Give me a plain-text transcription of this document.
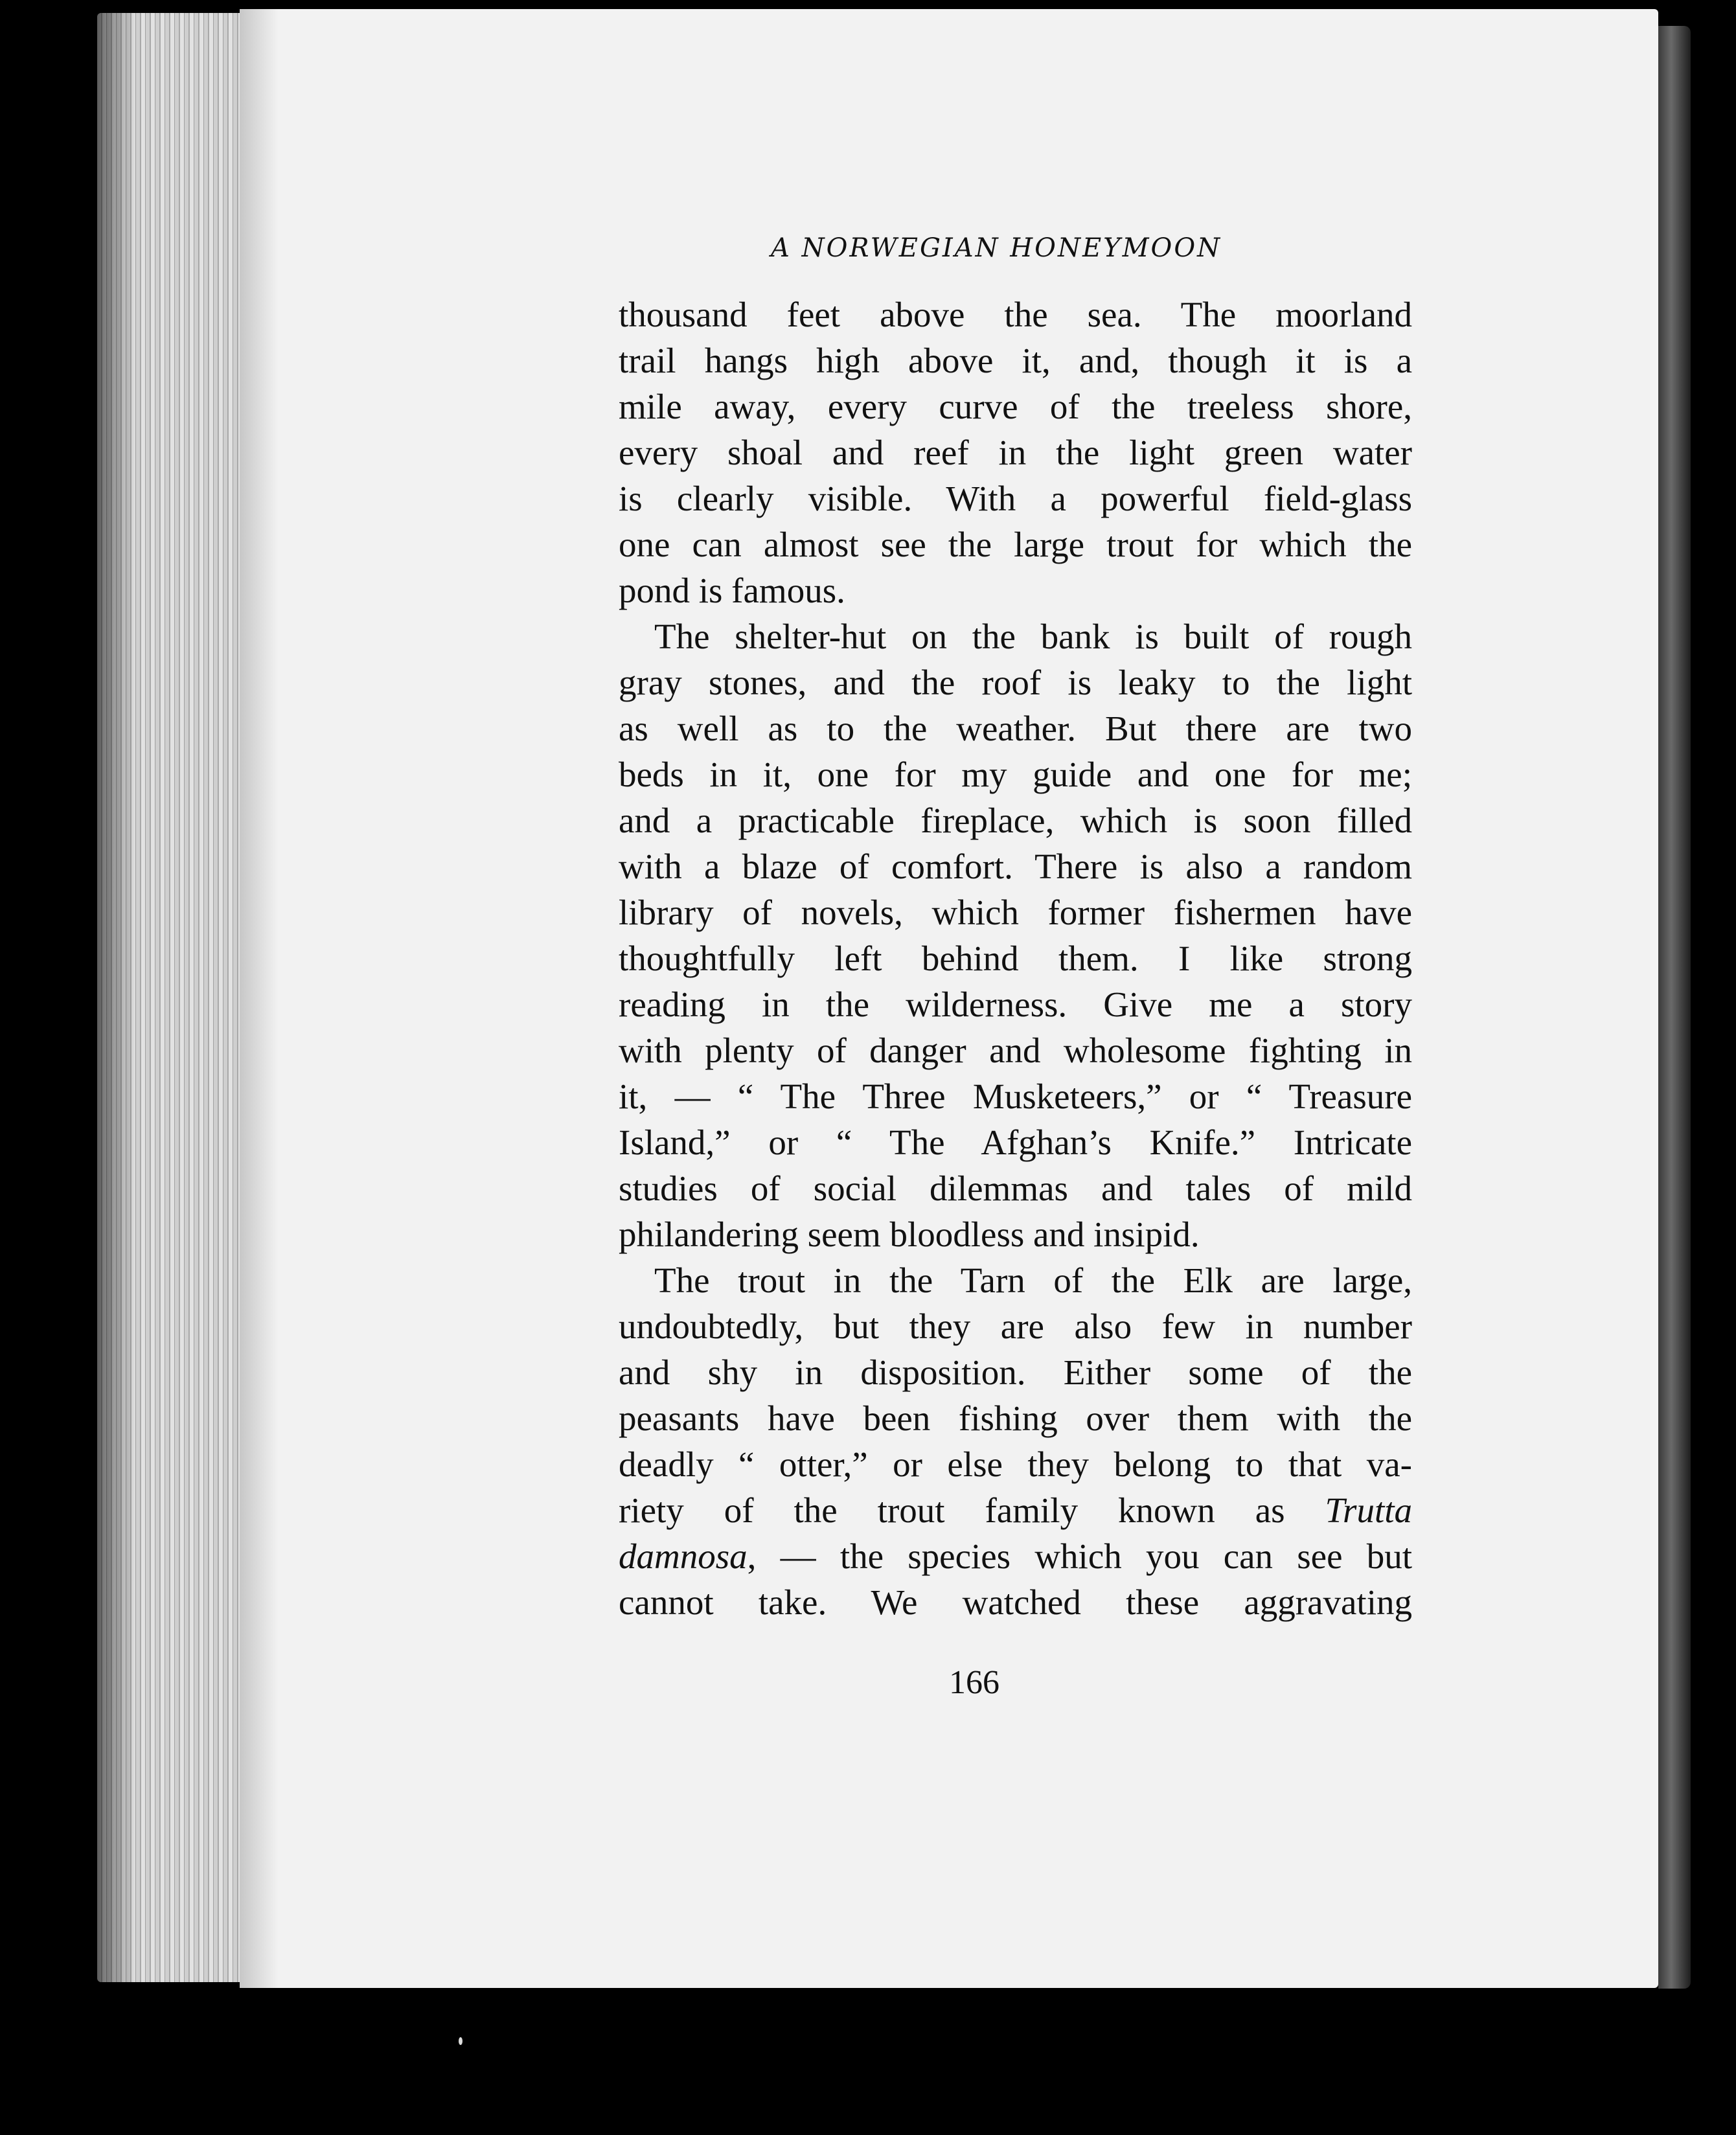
A NORWEGIAN HONEYMOON
thousand feet above the sea. The moorland
trail hangs high above it, and, though it is a
mile away, every curve of the treeless shore,
every shoal and reef in the light green water
is clearly visible. With a powerful field-glass
one can almost see the large trout for which the
pond is famous.
The shelter-hut on the bank is built of rough
gray stones, and the roof is leaky to the light
as well as to the weather. But there are two
beds in it, one for my guide and one for me;
and a practicable fireplace, which is soon filled
with a blaze of comfort. There is also a random
library of novels, which former fishermen have
thoughtfully left behind them. I like strong
reading in the wilderness. Give me a story
with plenty of danger and wholesome fighting in
it, — “ The Three Musketeers,” or “ Treasure
Island,” or “ The Afghan’s Knife.” Intricate
studies of social dilemmas and tales of mild
philandering seem bloodless and insipid.
The trout in the Tarn of the Elk are large,
undoubtedly, but they are also few in number
and shy in disposition. Either some of the
peasants have been fishing over them with the
deadly “ otter,” or else they belong to that va-
riety of the trout family known as Trutta
damnosa, — the species which you can see but
cannot take. We watched these aggravating
166
